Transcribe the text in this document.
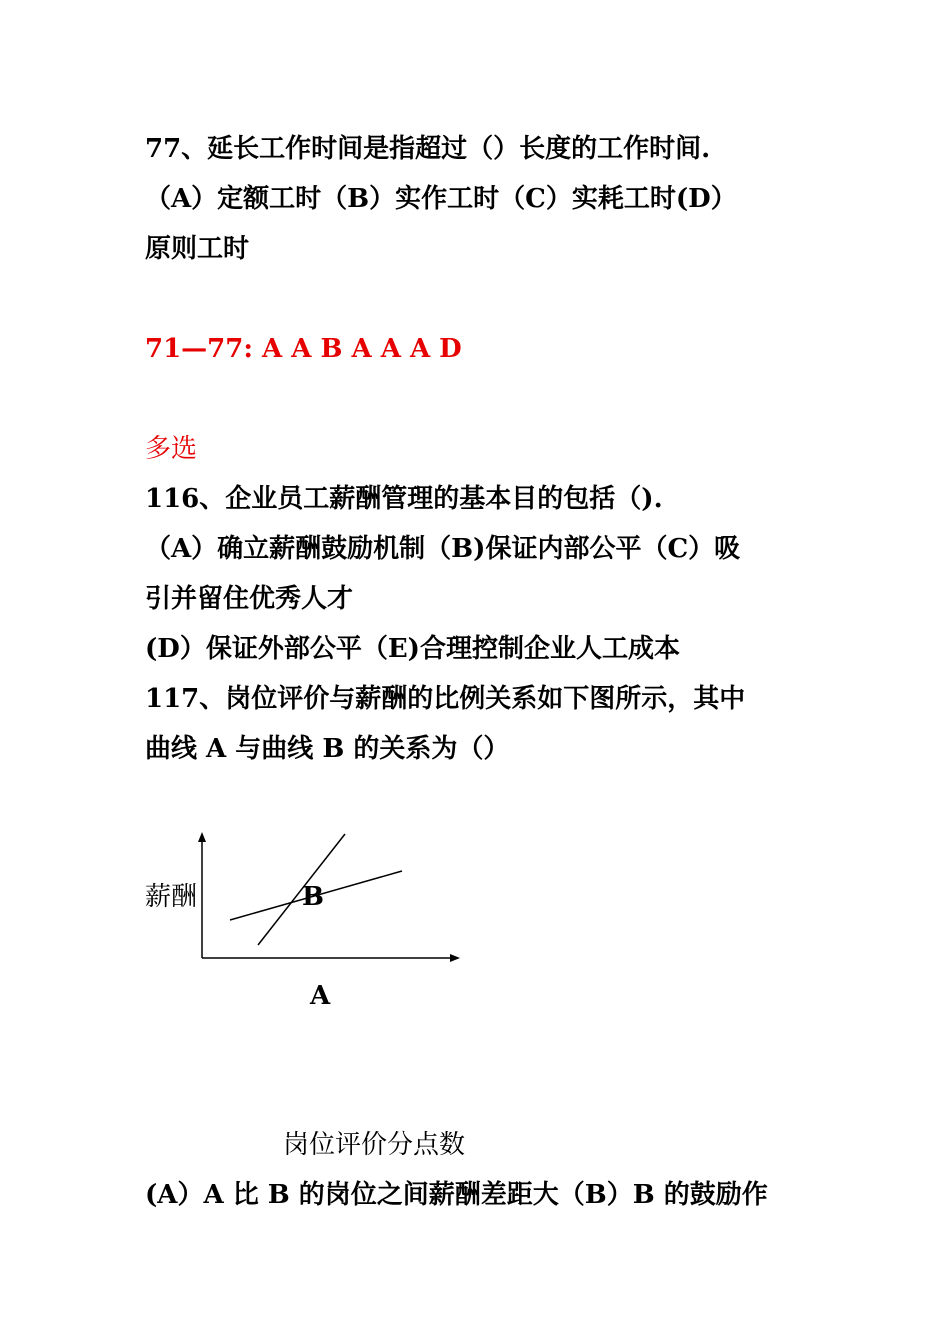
77、延长工作时间是指超过（）长度的工作时间.
（A）定额工时（B）实作工时（C）实耗工时(D）
原则工时
71—77: A A B A A A D
多选
116、企业员工薪酬管理的基本目的包括（).
（A）确立薪酬鼓励机制（B)保证内部公平（C）吸
引并留住优秀人才
(D）保证外部公平（E)合理控制企业人工成本
117、岗位评价与薪酬的比例关系如下图所示，其中
曲线 A 与曲线 B 的关系为（）
薪酬	B
A
岗位评价分点数
(A）A 比 B 的岗位之间薪酬差距大（B）B 的鼓励作
